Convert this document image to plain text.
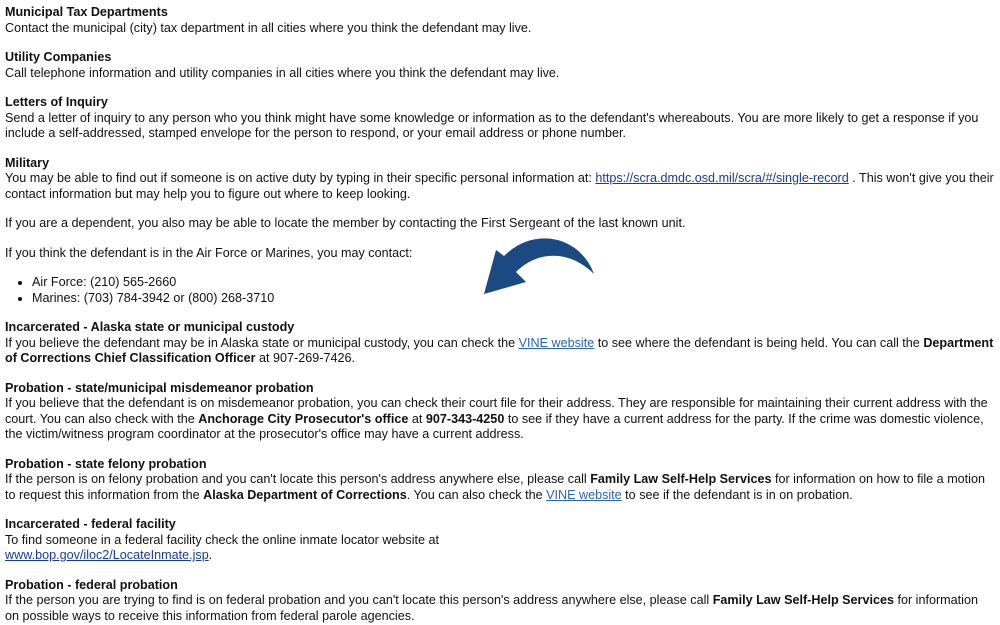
Municipal Tax Departments

Contact the municipal (city) tax department in all cities where you think the defendant may live.

Utility Companies

Call telephone information and utility companies in all cities where you think the defendant may live.

Letters of Inquiry

Send a letter of inquiry to any person who you think might have some knowledge or information as to the defendant's whereabouts. You are more likely to get a response if you include a self-addressed, stamped envelope for the person to respond, or your email address or phone number.

Military

You may be able to find out if someone is on active duty by typing in their specific personal information at: https://scra.dmdc.osd.mil/scra/#/single-record . This won't give you their contact information but may help you to figure out where to keep looking.

If you are a dependent, you also may be able to locate the member by contacting the First Sergeant of the last known unit.

If you think the defendant is in the Air Force or Marines, you may contact:

• Air Force: (210) 565-2660
• Marines: (703) 784-3942 or (800) 268-3710
Incarcerated - Alaska state or municipal custody

If you believe the defendant may be in Alaska state or municipal custody, you can check the VINE website to see where the defendant is being held. You can call the Department of Corrections Chief Classification Officer at 907-269-7426.

Probation - state/municipal misdemeanor probation

If you believe that the defendant is on misdemeanor probation, you can check their court file for their address. They are responsible for maintaining their current address with the court. You can also check with the Anchorage City Prosecutor's office at 907-343-4250 to see if they have a current address for the party. If the crime was domestic violence, the victim/witness program coordinator at the prosecutor's office may have a current address.

Probation - state felony probation

If the person is on felony probation and you can't locate this person's address anywhere else, please call Family Law Self-Help Services for information on how to file a motion to request this information from the Alaska Department of Corrections. You can also check the VINE website to see if the defendant is in on probation.

Incarcerated - federal facility

To find someone in a federal facility check the online inmate locator website at

www.bop.gov/iloc2/LocateInmate.jsp.

Probation - federal probation

If the person you are trying to find is on federal probation and you can't locate this person's address anywhere else, please call Family Law Self-Help Services for information on possible ways to receive this information from federal parole agencies.
